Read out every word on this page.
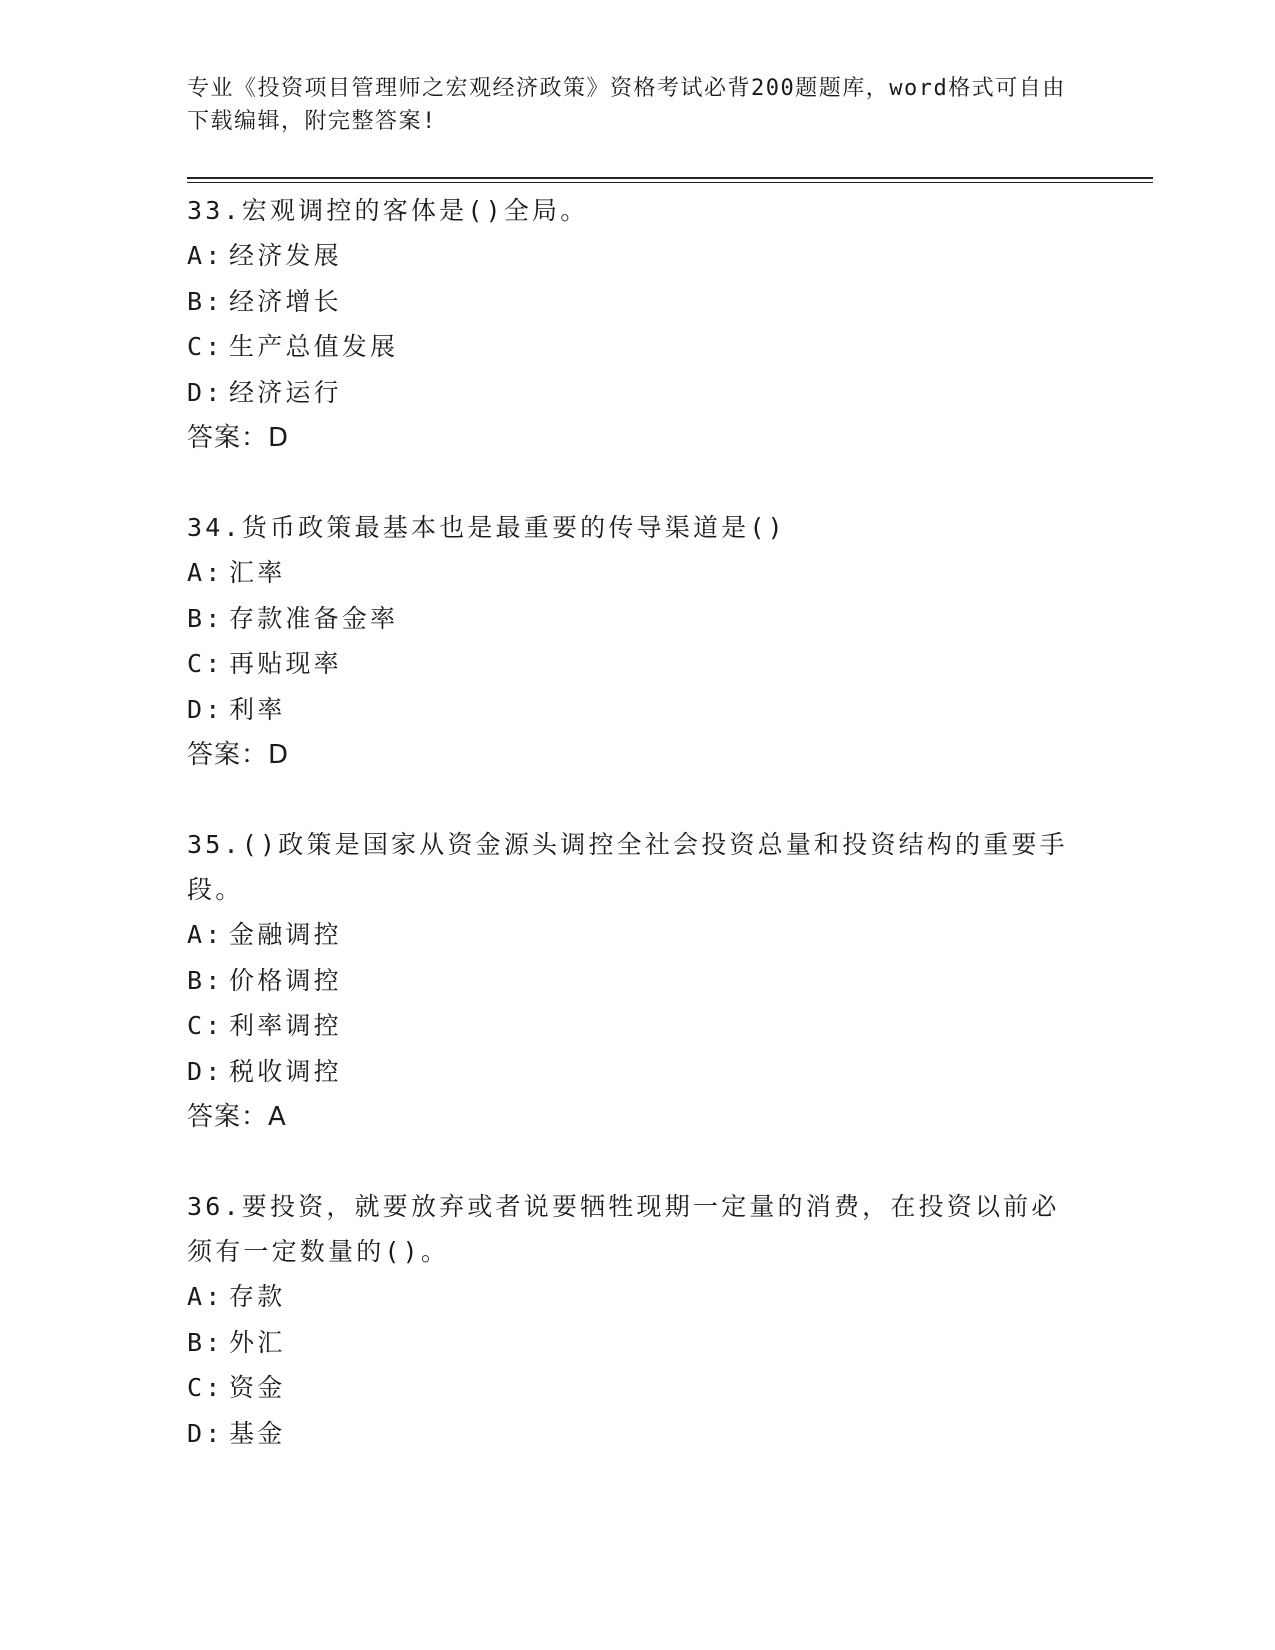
专业《投资项目管理师之宏观经济政策》资格考试必背200题题库，word格式可自由下载编辑，附完整答案!
33.宏观调控的客体是()全局。
A: 经济发展
B: 经济增长
C: 生产总值发展
D: 经济运行
答案：D
34.货币政策最基本也是最重要的传导渠道是()
A: 汇率
B: 存款准备金率
C: 再贴现率
D: 利率
答案：D
35.()政策是国家从资金源头调控全社会投资总量和投资结构的重要手段。
A: 金融调控
B: 价格调控
C: 利率调控
D: 税收调控
答案：A
36.要投资，就要放弃或者说要牺牲现期一定量的消费，在投资以前必须有一定数量的()。
A: 存款
B: 外汇
C: 资金
D: 基金
